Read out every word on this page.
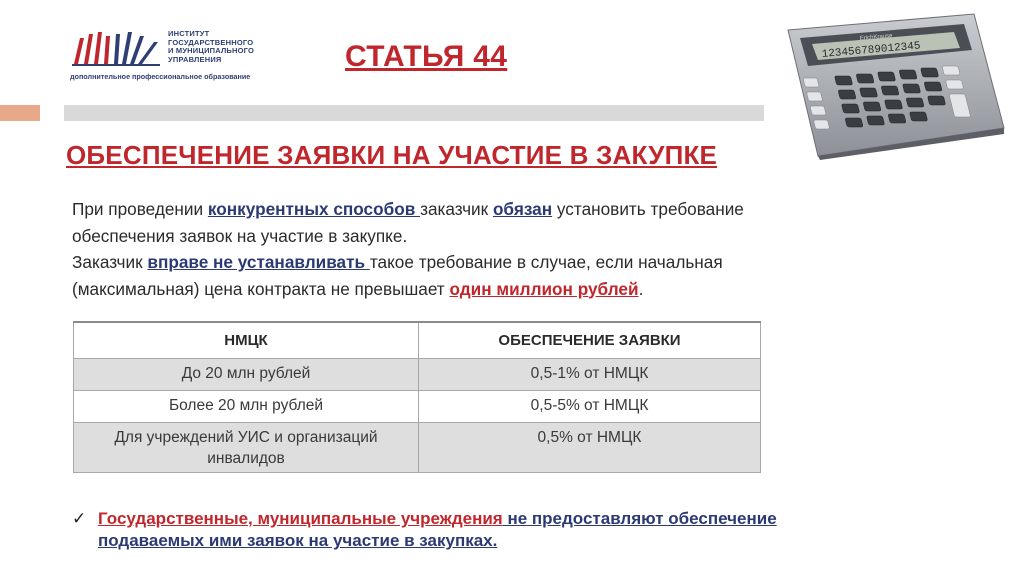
ИНСТИТУТ
ГОСУДАРСТВЕННОГО
И МУНИЦИПАЛЬНОГО
УПРАВЛЕНИЯ
дополнительное профессиональное образование
СТАТЬЯ 44
ErichKrause
123456789012345
ОБЕСПЕЧЕНИЕ ЗАЯВКИ НА УЧАСТИЕ В ЗАКУПКЕ
При проведении конкурентных способов заказчик обязан установить требование обеспечения заявок на участие в закупке.
Заказчик вправе не устанавливать такое требование в случае, если начальная (максимальная) цена контракта не превышает один миллион рублей.
НМЦК	ОБЕСПЕЧЕНИЕ ЗАЯВКИ
До 20 млн рублей	0,5-1% от НМЦК
Более 20 млн рублей	0,5-5% от НМЦК
Для учреждений УИС и организаций инвалидов	0,5% от НМЦК
✓ Государственные, муниципальные учреждения не предоставляют обеспечение подаваемых ими заявок на участие в закупках.
